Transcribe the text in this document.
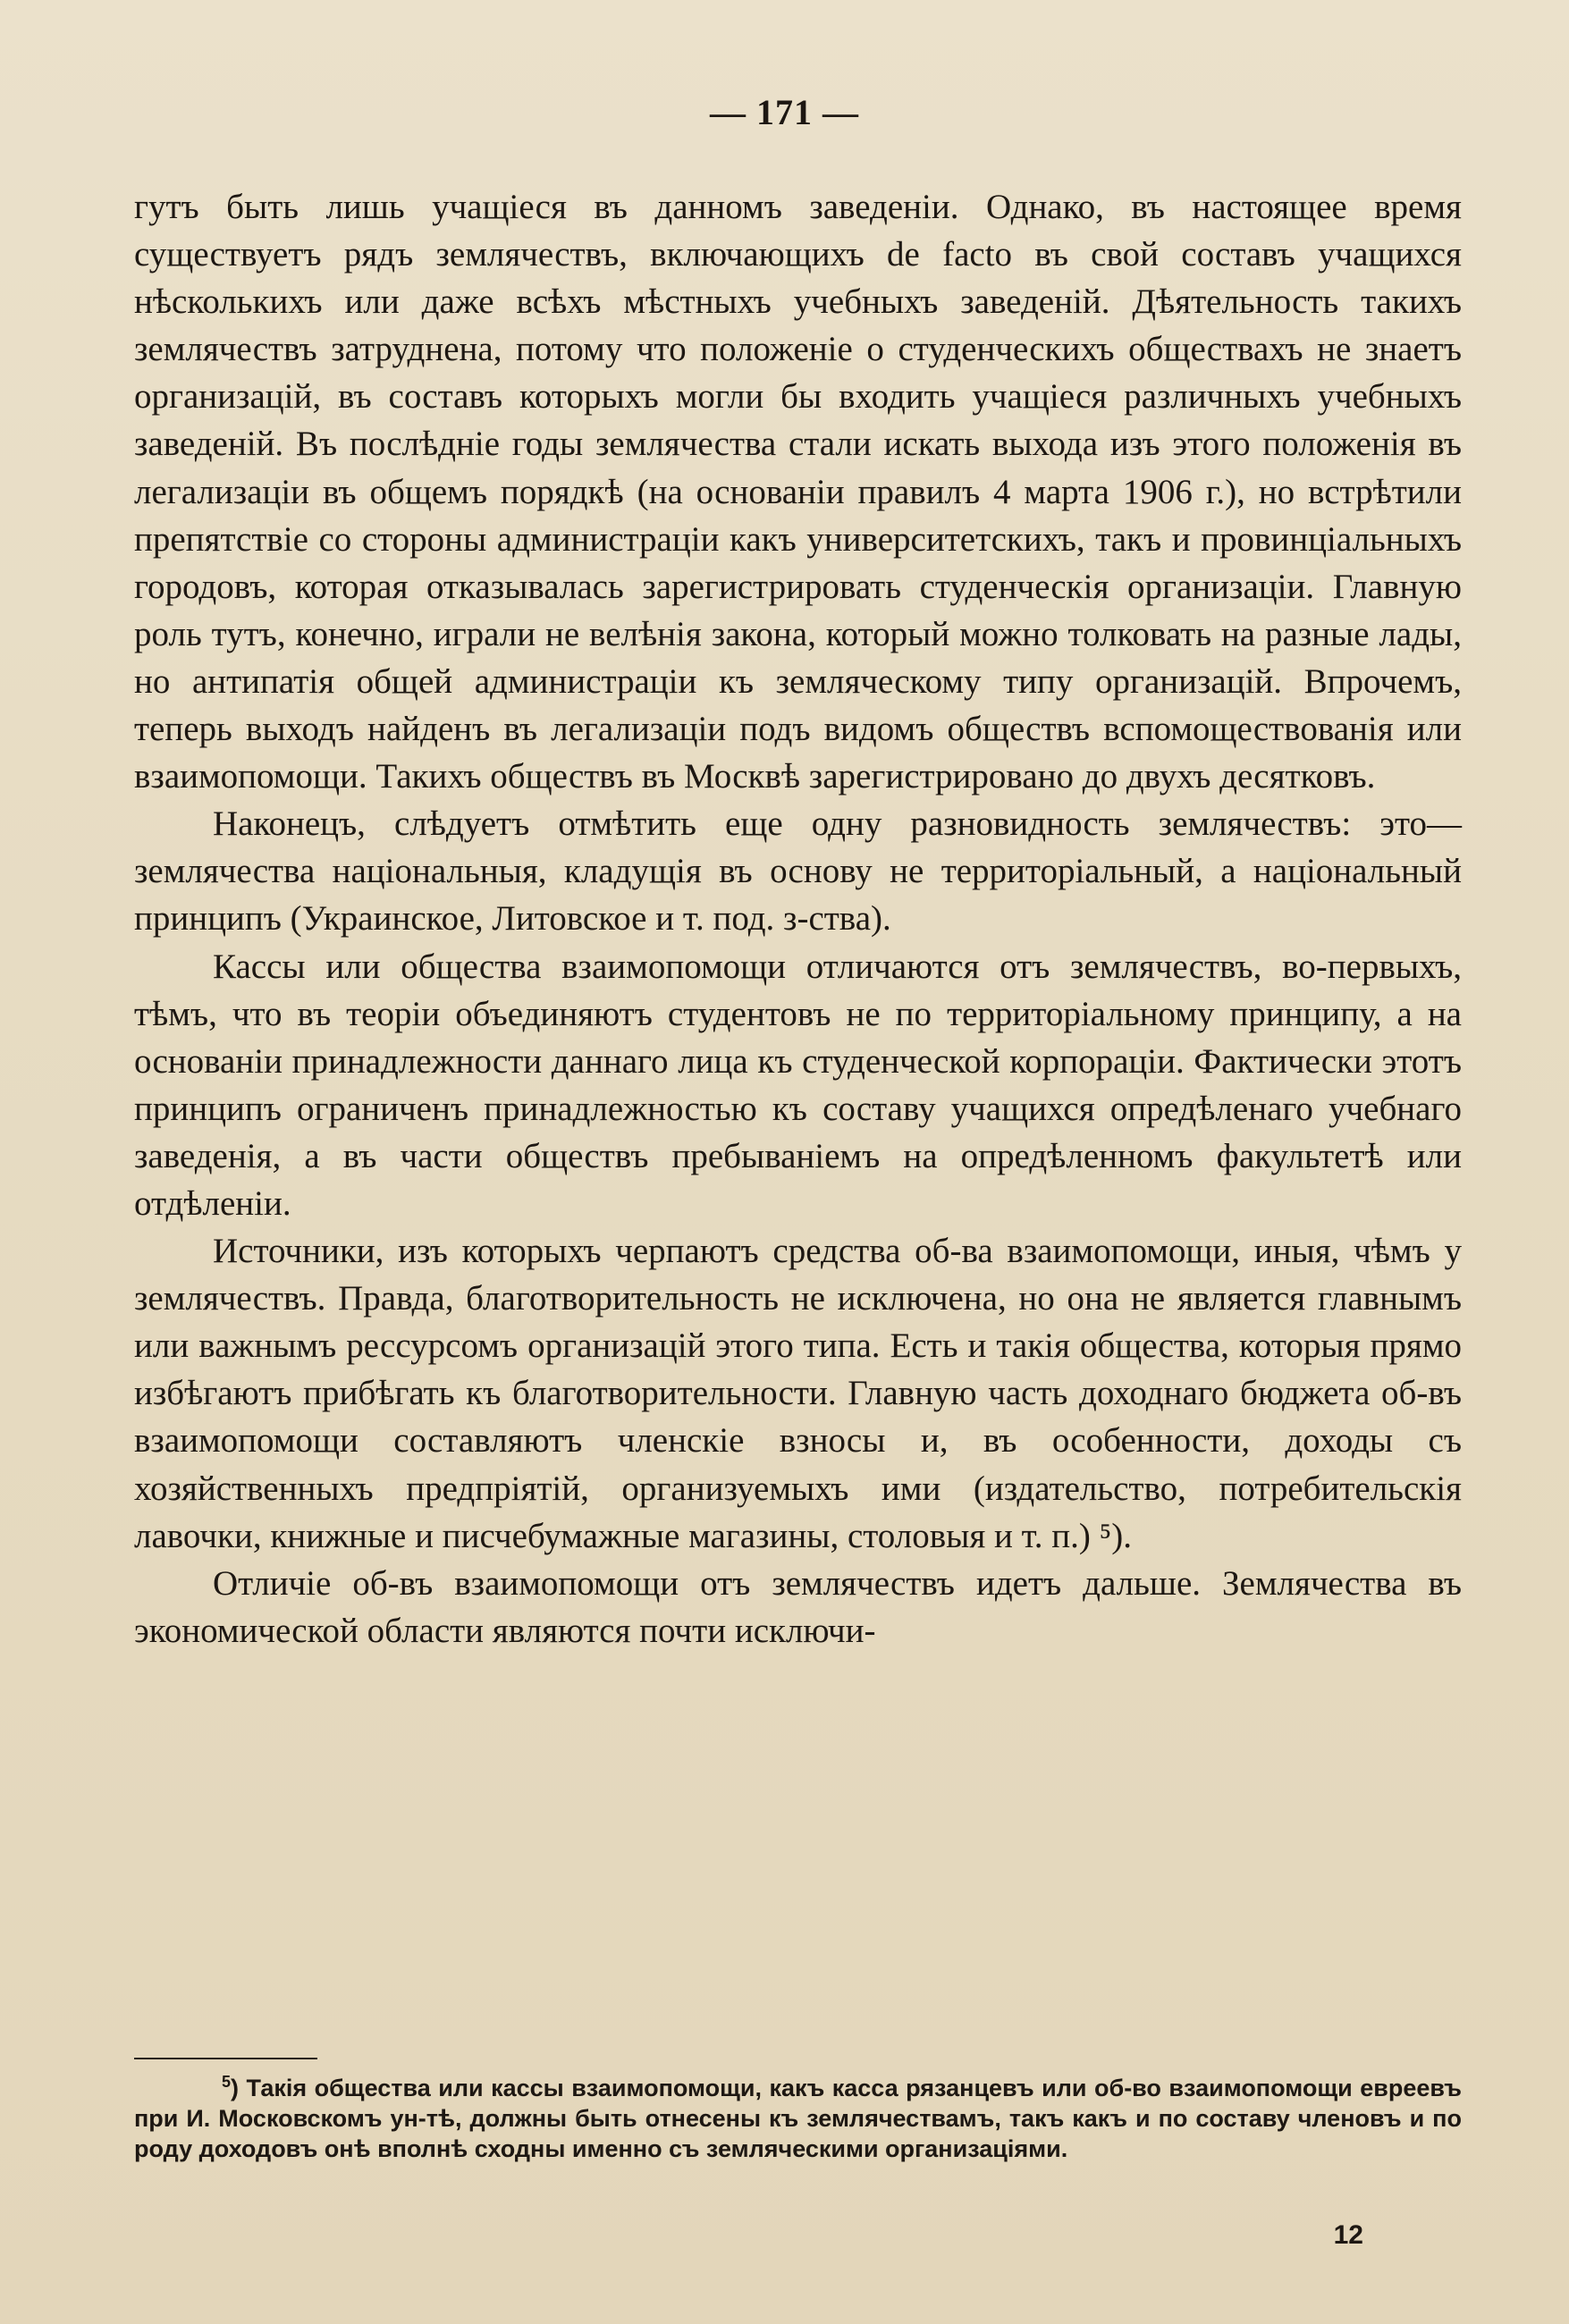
— 171 —

гутъ быть лишь учащіеся въ данномъ заведеніи. Однако, въ настоящее время существуетъ рядъ землячествъ, включающихъ de facto въ свой составъ учащихся нѣсколькихъ или даже всѣхъ мѣстныхъ учебныхъ заведеній. Дѣятельность такихъ землячествъ затруднена, потому что положеніе о студенческихъ обществахъ не знаетъ организацій, въ составъ которыхъ могли бы входить учащіеся различныхъ учебныхъ заведеній. Въ послѣдніе годы землячества стали искать выхода изъ этого положенія въ легализаціи въ общемъ порядкѣ (на основаніи правилъ 4 марта 1906 г.), но встрѣтили препятствіе со стороны администраціи какъ университетскихъ, такъ и провинціальныхъ городовъ, которая отказывалась зарегистрировать студенческія организаціи. Главную роль тутъ, конечно, играли не велѣнія закона, который можно толковать на разные лады, но антипатія общей администраціи къ земляческому типу организацій. Впрочемъ, теперь выходъ найденъ въ легализаціи подъ видомъ обществъ вспомоществованія или взаимопомощи. Такихъ обществъ въ Москвѣ зарегистрировано до двухъ десятковъ.

Наконецъ, слѣдуетъ отмѣтить еще одну разновидность землячествъ: это—землячества національныя, кладущія въ основу не территоріальный, а національный принципъ (Украинское, Литовское и т. под. з-ства).

Кассы или общества взаимопомощи отличаются отъ землячествъ, во-первыхъ, тѣмъ, что въ теоріи объединяютъ студентовъ не по территоріальному принципу, а на основаніи принадлежности даннаго лица къ студенческой корпораціи. Фактически этотъ принципъ ограниченъ принадлежностью къ составу учащихся опредѣленаго учебнаго заведенія, а въ части обществъ пребываніемъ на опредѣленномъ факультетѣ или отдѣленіи.

Источники, изъ которыхъ черпаютъ средства об-ва взаимопомощи, иныя, чѣмъ у землячествъ. Правда, благотворительность не исключена, но она не является главнымъ или важнымъ рессурсомъ организацій этого типа. Есть и такія общества, которыя прямо избѣгаютъ прибѣгать къ благотворительности. Главную часть доходнаго бюджета об-въ взаимопомощи составляютъ членскіе взносы и, въ особенности, доходы съ хозяйственныхъ предпріятій, организуемыхъ ими (издательство, потребительскія лавочки, книжные и писчебумажные магазины, столовыя и т. п.) ⁵).

Отличіе об-въ взаимопомощи отъ землячествъ идетъ дальше. Землячества въ экономической области являются почти исключи-

$^5$) Такія общества или кассы взаимопомощи, какъ касса рязанцевъ или об-во взаимопомощи евреевъ при И. Московскомъ ун-тѣ, должны быть отнесены къ землячествамъ, такъ какъ и по составу членовъ и по роду доходовъ онѣ вполнѣ сходны именно съ земляческими организаціями.
12
